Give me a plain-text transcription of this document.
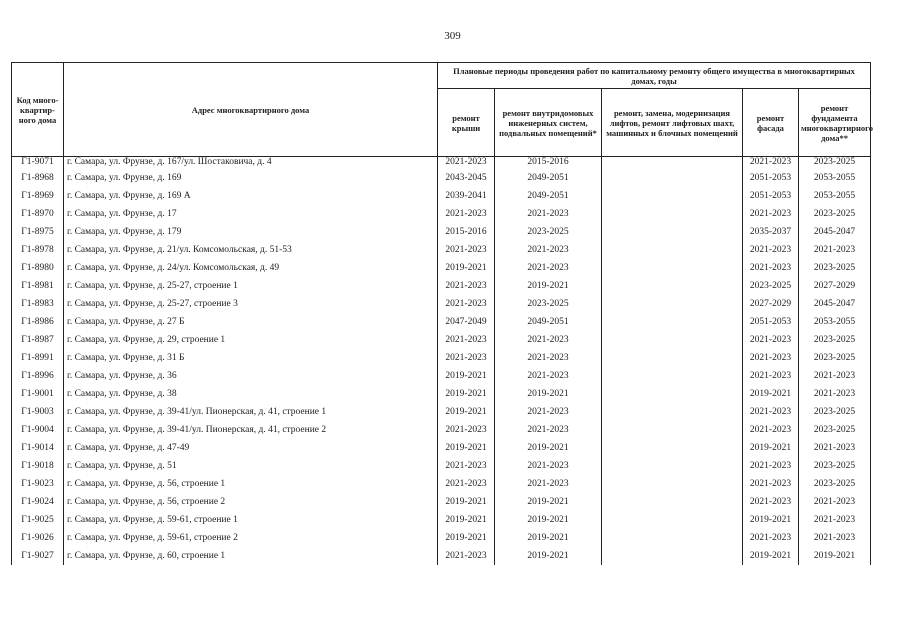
309
Код много-квартир-ного дома	Адрес многоквартирного дома	Плановые периоды проведения работ по капитальному ремонту общего имущества в многоквартирных домах, годы				
		ремонт крыши	ремонт внутридомовых инженерных систем, подвальных помещений*	ремонт, замена, модернизация лифтов, ремонт лифтовых шахт, машинных и блочных помещений	ремонт фасада	ремонт фундамента многоквартирного дома**
Г1-9071	г. Самара, ул. Фрунзе, д. 167/ул. Шостаковича, д. 4	2021-2023	2015-2016		2021-2023	2023-2025
Г1-8968	г. Самара, ул. Фрунзе, д. 169	2043-2045	2049-2051		2051-2053	2053-2055
Г1-8969	г. Самара, ул. Фрунзе, д. 169 А	2039-2041	2049-2051		2051-2053	2053-2055
Г1-8970	г. Самара, ул. Фрунзе, д. 17	2021-2023	2021-2023		2021-2023	2023-2025
Г1-8975	г. Самара, ул. Фрунзе, д. 179	2015-2016	2023-2025		2035-2037	2045-2047
Г1-8978	г. Самара, ул. Фрунзе, д. 21/ул. Комсомольская, д. 51-53	2021-2023	2021-2023		2021-2023	2021-2023
Г1-8980	г. Самара, ул. Фрунзе, д. 24/ул. Комсомольская, д. 49	2019-2021	2021-2023		2021-2023	2023-2025
Г1-8981	г. Самара, ул. Фрунзе, д. 25-27, строение 1	2021-2023	2019-2021		2023-2025	2027-2029
Г1-8983	г. Самара, ул. Фрунзе, д. 25-27, строение 3	2021-2023	2023-2025		2027-2029	2045-2047
Г1-8986	г. Самара, ул. Фрунзе, д. 27 Б	2047-2049	2049-2051		2051-2053	2053-2055
Г1-8987	г. Самара, ул. Фрунзе, д. 29, строение 1	2021-2023	2021-2023		2021-2023	2023-2025
Г1-8991	г. Самара, ул. Фрунзе, д. 31 Б	2021-2023	2021-2023		2021-2023	2023-2025
Г1-8996	г. Самара, ул. Фрунзе, д. 36	2019-2021	2021-2023		2021-2023	2021-2023
Г1-9001	г. Самара, ул. Фрунзе, д. 38	2019-2021	2019-2021		2019-2021	2021-2023
Г1-9003	г. Самара, ул. Фрунзе, д. 39-41/ул. Пионерская, д. 41, строение 1	2019-2021	2021-2023		2021-2023	2023-2025
Г1-9004	г. Самара, ул. Фрунзе, д. 39-41/ул. Пионерская, д. 41, строение 2	2021-2023	2021-2023		2021-2023	2023-2025
Г1-9014	г. Самара, ул. Фрунзе, д. 47-49	2019-2021	2019-2021		2019-2021	2021-2023
Г1-9018	г. Самара, ул. Фрунзе, д. 51	2021-2023	2021-2023		2021-2023	2023-2025
Г1-9023	г. Самара, ул. Фрунзе, д. 56, строение 1	2021-2023	2021-2023		2021-2023	2023-2025
Г1-9024	г. Самара, ул. Фрунзе, д. 56, строение 2	2019-2021	2019-2021		2021-2023	2021-2023
Г1-9025	г. Самара, ул. Фрунзе, д. 59-61, строение 1	2019-2021	2019-2021		2019-2021	2021-2023
Г1-9026	г. Самара, ул. Фрунзе, д. 59-61, строение 2	2019-2021	2019-2021		2021-2023	2021-2023
Г1-9027	г. Самара, ул. Фрунзе, д. 60, строение 1	2021-2023	2019-2021		2019-2021	2019-2021
